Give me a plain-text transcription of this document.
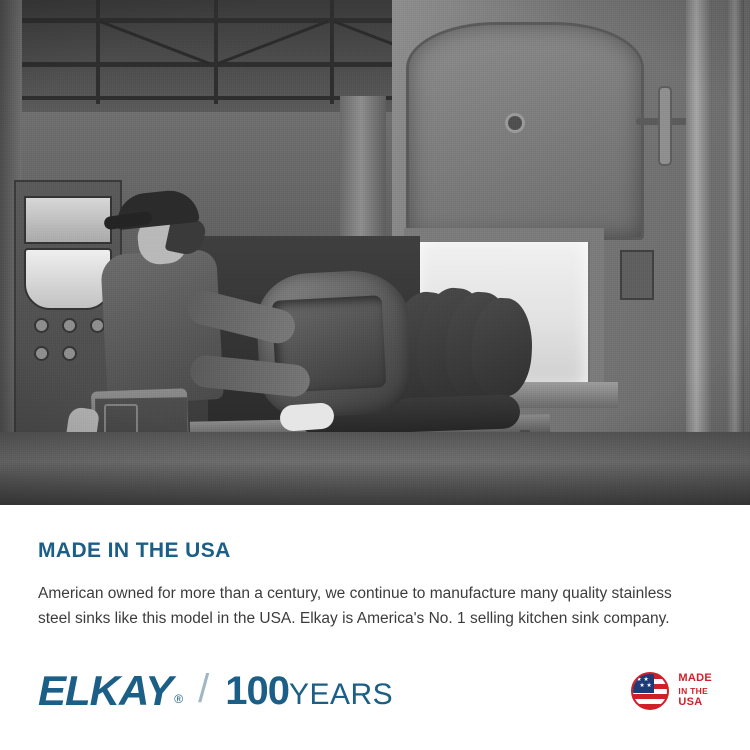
MADE IN THE USA

American owned for more than a century, we continue to manufacture many quality stainless steel sinks like this model in the USA. Elkay is America's No. 1 selling kitchen sink company.

ELKAY ® / 100 YEARS	★ ★
★ ★
MADE
IN THE
USA
